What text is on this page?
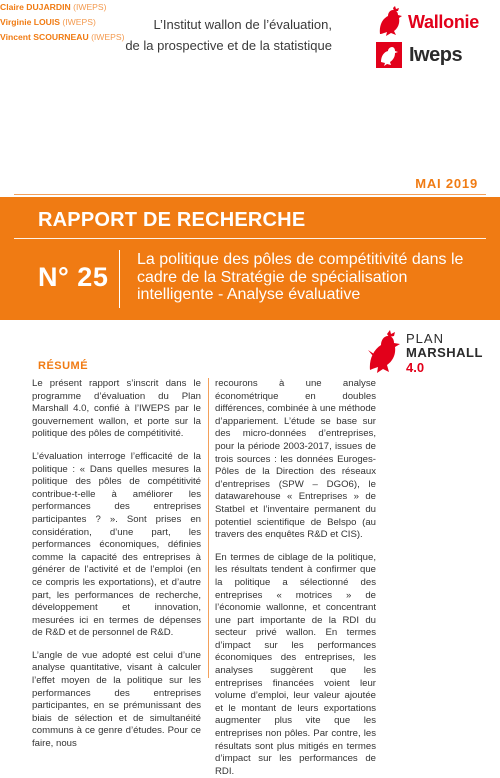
L’Institut wallon de l’évaluation,
de la prospective et de la statistique
Wallonie
Iweps
MAI 2019
RAPPORT DE RECHERCHE
N° 25
La politique des pôles de compétitivité dans le cadre de la Stratégie de spécialisation intelligente - Analyse évaluative
PLAN
MARSHALL
4.0
RÉSUMÉ

Le présent rapport s’inscrit dans le programme d’évaluation du Plan Marshall 4.0, confié à l’IWEPS par le gouvernement wallon, et porte sur la politique des pôles de compétitivité.

L’évaluation interroge l’efficacité de la politique : « Dans quelles mesures la politique des pôles de compétitivité contribue-t-elle à améliorer les performances des entreprises participantes ? ». Sont prises en considération, d’une part, les performances économiques, définies comme la capacité des entreprises à générer de l’activité et de l’emploi (en ce compris les exportations), et d’autre part, les performances de recherche, développement et innovation, mesurées ici en termes de dépenses de R&D et de personnel de R&D.

L’angle de vue adopté est celui d’une analyse quantitative, visant à calculer l’effet moyen de la politique sur les performances des entreprises participantes, en se prémunissant des biais de sélection et de simultanéité communs à ce genre d’études. Pour ce faire, nous

recourons à une analyse économétrique en doubles différences, combinée à une méthode d’appariement. L’étude se base sur des micro-données d’entreprises, pour la période 2003-2017, issues de trois sources : les données Euroges-Pôles de la Direction des réseaux d’entreprises (SPW – DGO6), le datawarehouse « Entreprises » de Statbel et l’inventaire permanent du potentiel scientifique de Belspo (au travers des enquêtes R&D et CIS).

En termes de ciblage de la politique, les résultats tendent à confirmer que la politique a sélectionné des entreprises « motrices » de l’économie wallonne, et concentrant une part importante de la RDI du secteur privé wallon. En termes d’impact sur les performances économiques des entreprises, les analyses suggèrent que les entreprises financées voient leur volume d’emploi, leur valeur ajoutée et le montant de leurs exportations augmenter plus vite que les entreprises non pôles. Par contre, les résultats sont plus mitigés en termes d’impact sur les performances de RDI.

Claire DUJARDIN (IWEPS)
Virginie LOUIS (IWEPS)
Vincent SCOURNEAU (IWEPS)
